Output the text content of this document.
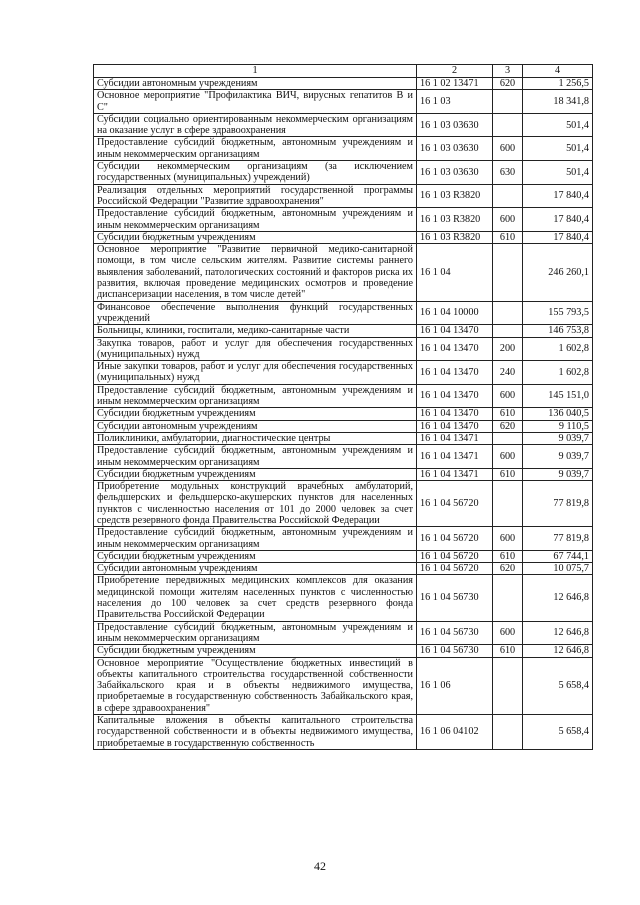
1	2	3	4
Субсидии автономным учреждениям	16 1 02 13471	620	1 256,5
Основное мероприятие "Профилактика ВИЧ, вирусных гепатитов В и С"	16 1 03		18 341,8
Субсидии социально ориентированным некоммерческим организациям на оказание услуг в сфере здравоохранения	16 1 03 03630		501,4
Предоставление субсидий бюджетным, автономным учреждениям и иным некоммерческим организациям	16 1 03 03630	600	501,4
Субсидии некоммерческим организациям (за исключением государственных (муниципальных) учреждений)	16 1 03 03630	630	501,4
Реализация отдельных мероприятий государственной программы Российской Федерации "Развитие здравоохранения"	16 1 03 R3820		17 840,4
Предоставление субсидий бюджетным, автономным учреждениям и иным некоммерческим организациям	16 1 03 R3820	600	17 840,4
Субсидии бюджетным учреждениям	16 1 03 R3820	610	17 840,4
Основное мероприятие "Развитие первичной медико-санитарной помощи, в том числе сельским жителям. Развитие системы раннего выявления заболеваний, патологических состояний и факторов риска их развития, включая проведение медицинских осмотров и проведение диспансеризации населения, в том числе детей"	16 1 04		246 260,1
Финансовое обеспечение выполнения функций государственных учреждений	16 1 04 10000		155 793,5
Больницы, клиники, госпитали, медико-санитарные части	16 1 04 13470		146 753,8
Закупка товаров, работ и услуг для обеспечения государственных (муниципальных) нужд	16 1 04 13470	200	1 602,8
Иные закупки товаров, работ и услуг для обеспечения государственных (муниципальных) нужд	16 1 04 13470	240	1 602,8
Предоставление субсидий бюджетным, автономным учреждениям и иным некоммерческим организациям	16 1 04 13470	600	145 151,0
Субсидии бюджетным учреждениям	16 1 04 13470	610	136 040,5
Субсидии автономным учреждениям	16 1 04 13470	620	9 110,5
Поликлиники, амбулатории, диагностические центры	16 1 04 13471		9 039,7
Предоставление субсидий бюджетным, автономным учреждениям и иным некоммерческим организациям	16 1 04 13471	600	9 039,7
Субсидии бюджетным учреждениям	16 1 04 13471	610	9 039,7
Приобретение модульных конструкций врачебных амбулаторий, фельдшерских и фельдшерско-акушерских пунктов для населенных пунктов с численностью населения от 101 до 2000 человек за счет средств резервного фонда Правительства Российской Федерации	16 1 04 56720		77 819,8
Предоставление субсидий бюджетным, автономным учреждениям и иным некоммерческим организациям	16 1 04 56720	600	77 819,8
Субсидии бюджетным учреждениям	16 1 04 56720	610	67 744,1
Субсидии автономным учреждениям	16 1 04 56720	620	10 075,7
Приобретение передвижных медицинских комплексов для оказания медицинской помощи жителям населенных пунктов с численностью населения до 100 человек за счет средств резервного фонда Правительства Российской Федерации	16 1 04 56730		12 646,8
Предоставление субсидий бюджетным, автономным учреждениям и иным некоммерческим организациям	16 1 04 56730	600	12 646,8
Субсидии бюджетным учреждениям	16 1 04 56730	610	12 646,8
Основное мероприятие "Осуществление бюджетных инвестиций в объекты капитального строительства государственной собственности Забайкальского края и в объекты недвижимого имущества, приобретаемые в государственную собственность Забайкальского края, в сфере здравоохранения"	16 1 06		5 658,4
Капитальные вложения в объекты капитального строительства государственной собственности и в объекты недвижимого имущества, приобретаемые в государственную собственность	16 1 06 04102		5 658,4
42
